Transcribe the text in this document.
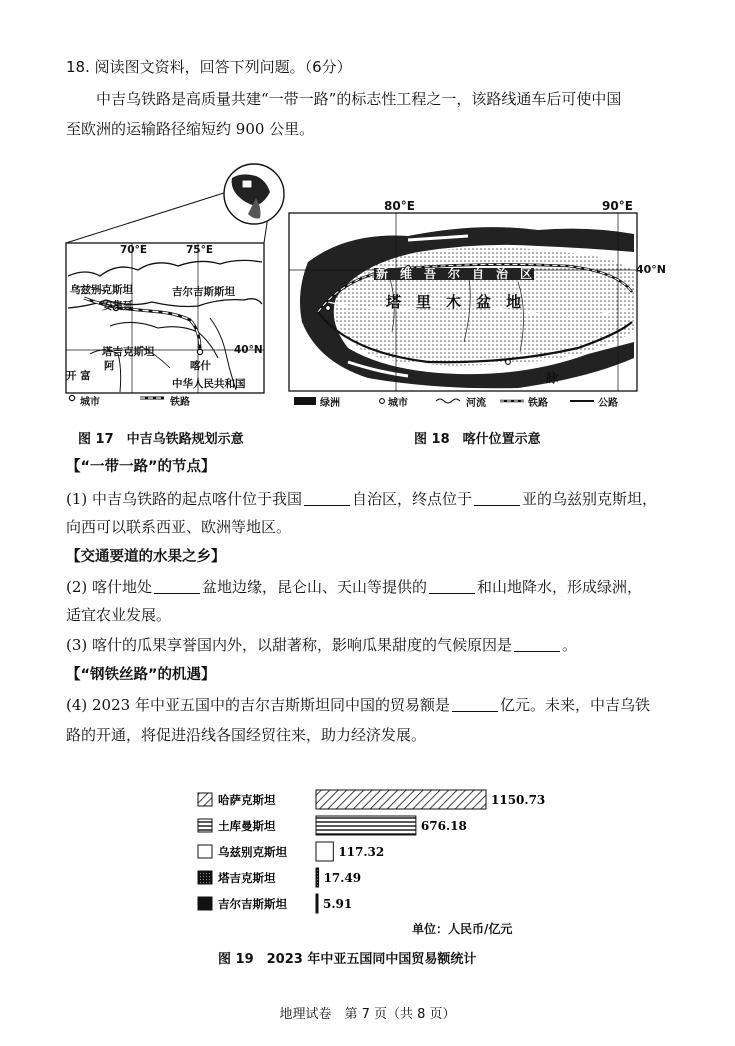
18. 阅读图文资料，回答下列问题。（6分）
中吉乌铁路是高质量共建“一带一路”的标志性工程之一，该路线通车后可使中国
至欧洲的运输路径缩短约 900 公里。
70°E	75°E
40°N
乌兹别克斯坦
安集延
吉尔吉斯斯坦
塔吉克斯坦
喀什
阿
开 富
中华人民共和国
城市	铁路
图 17　中吉乌铁路规划示意
80°E	90°E
40°N
新　维　吾　尔　自　治　区
塔　里　木　盆　地
脉
绿洲	城市	河流	铁路	公路
图 18　喀什位置示意
【“一带一路”的节点】
(1) 中吉乌铁路的起点喀什位于我国	自治区，终点位于	亚的乌兹别克斯坦，
向西可以联系西亚、欧洲等地区。
【交通要道的水果之乡】
(2) 喀什地处	盆地边缘，昆仑山、天山等提供的	和山地降水，形成绿洲，
适宜农业发展。
(3) 喀什的瓜果享誉国内外，以甜著称，影响瓜果甜度的气候原因是	。
【“钢铁丝路”的机遇】
(4) 2023 年中亚五国中的吉尔吉斯斯坦同中国的贸易额是	亿元。未来，中吉乌铁
路的开通，将促进沿线各国经贸往来，助力经济发展。
哈萨克斯坦	1150.73
土库曼斯坦	676.18
乌兹别克斯坦	117.32
塔吉克斯坦	17.49
吉尔吉斯斯坦	5.91
单位：人民币/亿元
图 19　2023 年中亚五国同中国贸易额统计
地理试卷　第 7 页（共 8 页）
